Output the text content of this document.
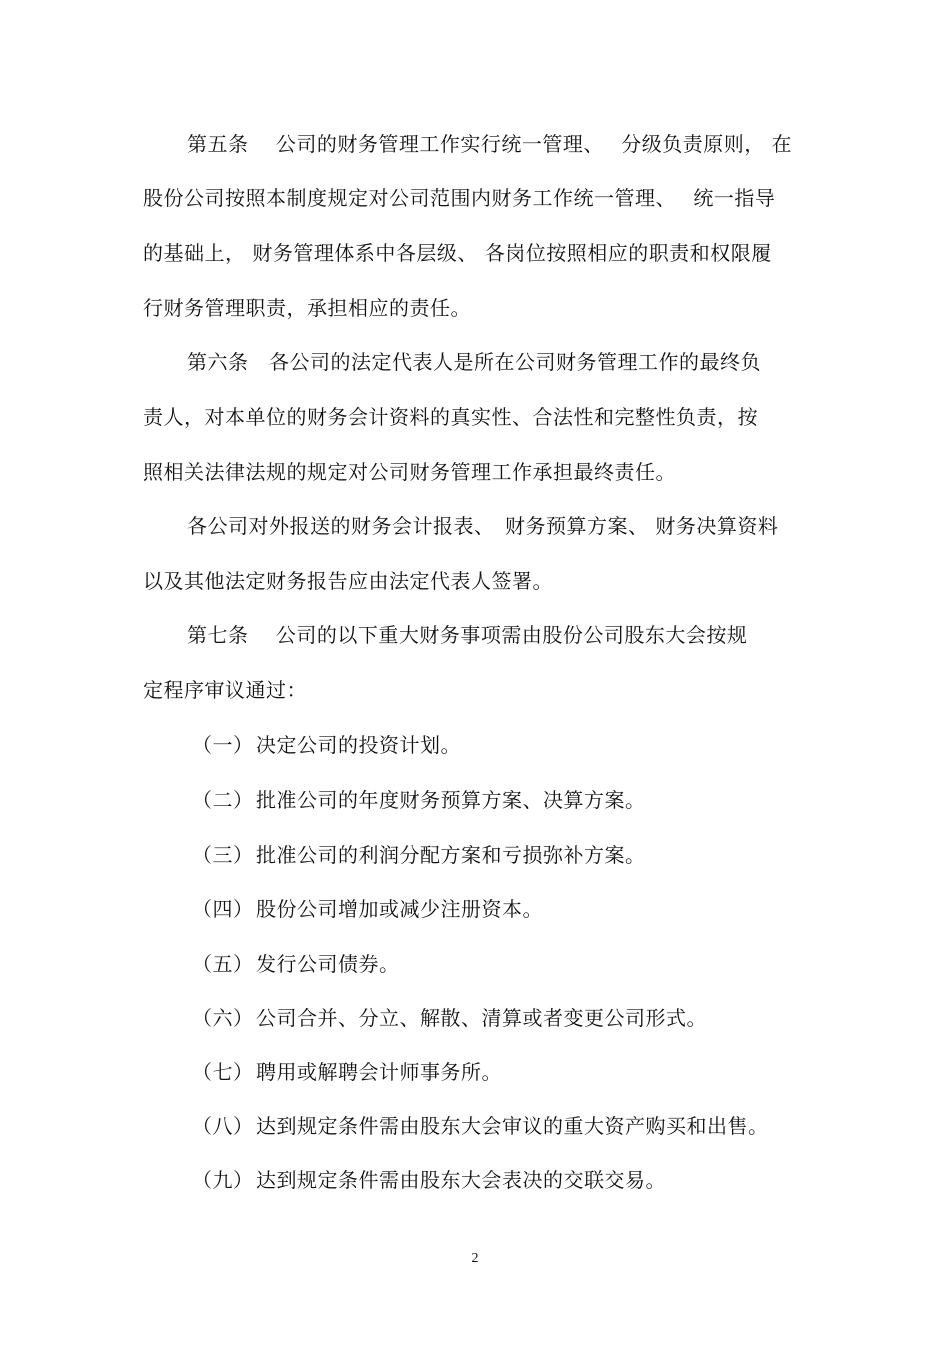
第五条　 公司的财务管理工作实行统一管理、　 分级负责原则， 在
股份公司按照本制度规定对公司范围内财务工作统一管理、　 统一指导
的基础上， 财务管理体系中各层级、 各岗位按照相应的职责和权限履
行财务管理职责，承担相应的责任。
第六条　各公司的法定代表人是所在公司财务管理工作的最终负
责人，对本单位的财务会计资料的真实性、合法性和完整性负责，按
照相关法律法规的规定对公司财务管理工作承担最终责任。
各公司对外报送的财务会计报表、　财务预算方案、 财务决算资料
以及其他法定财务报告应由法定代表人签署。
第七条　 公司的以下重大财务事项需由股份公司股东大会按规
定程序审议通过：
（一） 决定公司的投资计划。
（二） 批准公司的年度财务预算方案、决算方案。
（三） 批准公司的利润分配方案和亏损弥补方案。
（四） 股份公司增加或减少注册资本。
（五） 发行公司债券。
（六） 公司合并、分立、解散、清算或者变更公司形式。
（七） 聘用或解聘会计师事务所。
（八） 达到规定条件需由股东大会审议的重大资产购买和出售。
（九） 达到规定条件需由股东大会表决的交联交易。
2
